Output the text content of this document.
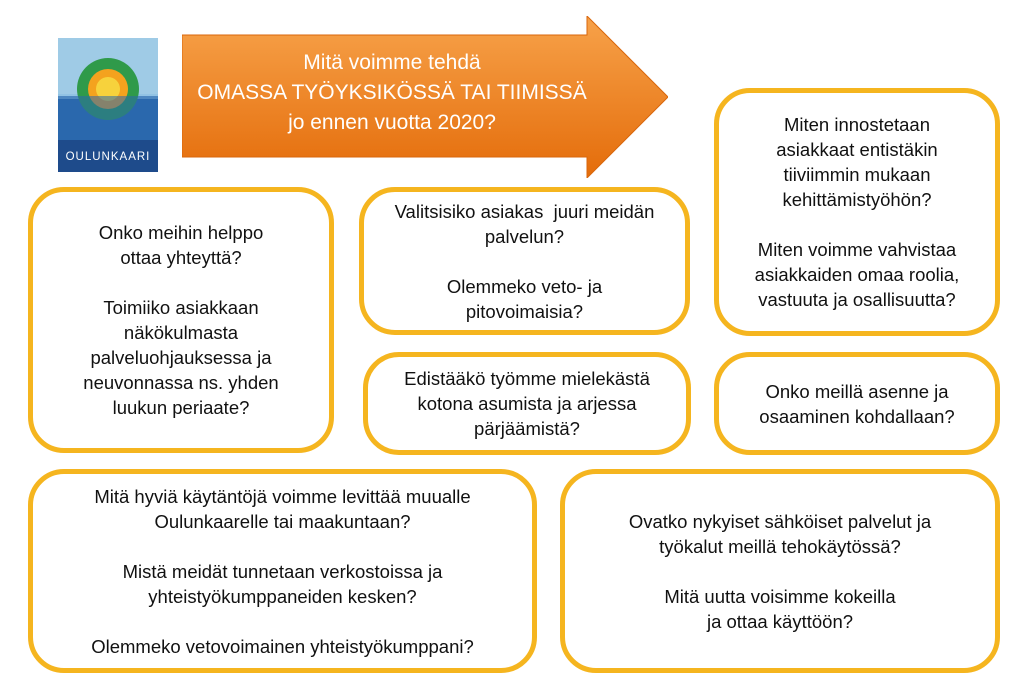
OULUNKAARI
Mitä voimme tehdä
OMASSA TYÖYKSIKÖSSÄ TAI TIIMISSÄ
jo ennen vuotta 2020?
Onko meihin helppo
ottaa yhteyttä?
Toimiiko asiakkaan
näkökulmasta
palveluohjauksessa ja
neuvonnassa ns. yhden
luukun periaate?
Valitsisiko asiakas  juuri meidän
palvelun?
Olemmeko veto- ja
pitovoimaisia?
Miten innostetaan
asiakkaat entistäkin
tiiviimmin mukaan
kehittämistyöhön?
Miten voimme vahvistaa
asiakkaiden omaa roolia,
vastuuta ja osallisuutta?
Edistääkö työmme mielekästä
kotona asumista ja arjessa
pärjäämistä?
Onko meillä asenne ja
osaaminen kohdallaan?
Mitä hyviä käytäntöjä voimme levittää muualle
Oulunkaarelle tai maakuntaan?
Mistä meidät tunnetaan verkostoissa ja
yhteistyökumppaneiden kesken?
Olemmeko vetovoimainen yhteistyökumppani?
Ovatko nykyiset sähköiset palvelut ja
työkalut meillä tehokäytössä?
Mitä uutta voisimme kokeilla
ja ottaa käyttöön?
